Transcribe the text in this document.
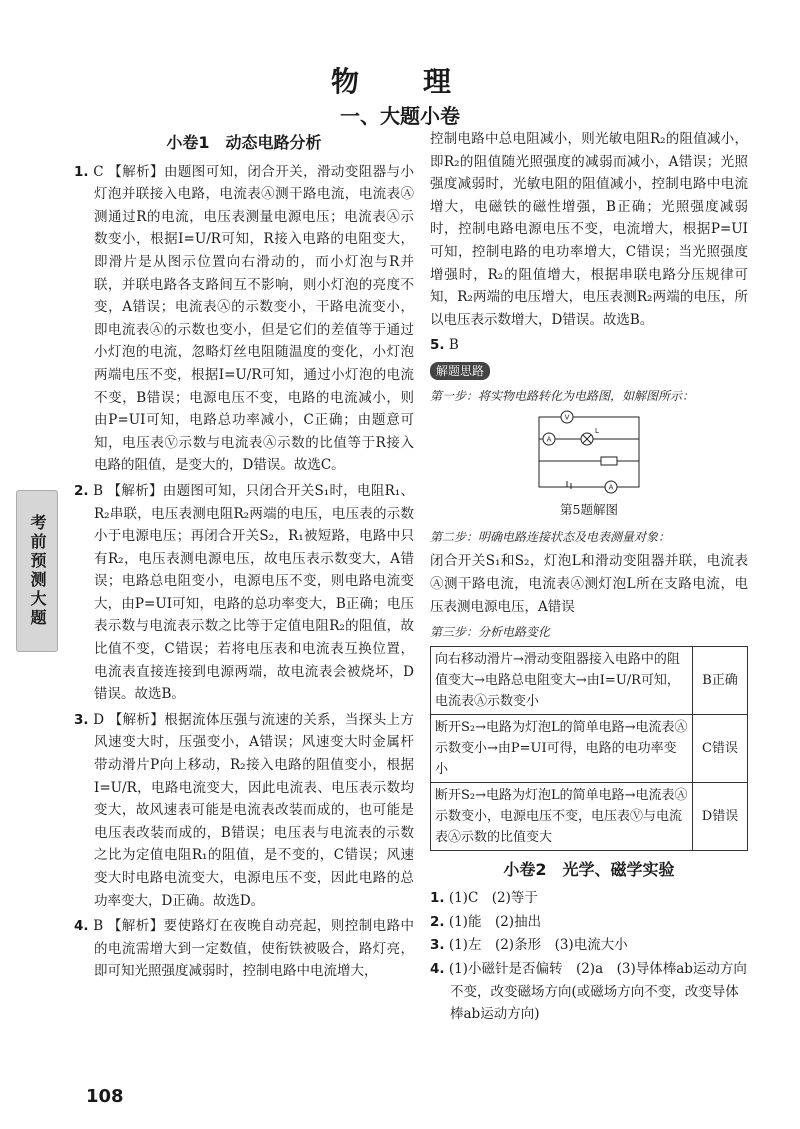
物　理
一、大题小卷
考前预测大题
小卷1　动态电路分析

1. C 【解析】由题图可知，闭合开关，滑动变阻器与小灯泡并联接入电路，电流表Ⓐ测干路电流，电流表Ⓐ测通过R的电流，电压表测量电源电压；电流表Ⓐ示数变小，根据I=U/R可知，R接入电路的电阻变大，即滑片是从图示位置向右滑动的，而小灯泡与R并联，并联电路各支路间互不影响，则小灯泡的亮度不变，A错误；电流表Ⓐ的示数变小，干路电流变小，即电流表Ⓐ的示数也变小，但是它们的差值等于通过小灯泡的电流，忽略灯丝电阻随温度的变化，小灯泡两端电压不变，根据I=U/R可知，通过小灯泡的电流不变，B错误；电源电压不变，电路的电流减小，则由P=UI可知，电路总功率减小，C正确；由题意可知，电压表Ⓥ示数与电流表Ⓐ示数的比值等于R接入电路的阻值，是变大的，D错误。故选C。

2. B 【解析】由题图可知，只闭合开关S₁时，电阻R₁、R₂串联，电压表测电阻R₂两端的电压，电压表的示数小于电源电压；再闭合开关S₂，R₁被短路，电路中只有R₂，电压表测电源电压，故电压表示数变大，A错误；电路总电阻变小，电源电压不变，则电路电流变大，由P=UI可知，电路的总功率变大，B正确；电压表示数与电流表示数之比等于定值电阻R₂的阻值，故比值不变，C错误；若将电压表和电流表互换位置，电流表直接连接到电源两端，故电流表会被烧坏，D错误。故选B。

3. D 【解析】根据流体压强与流速的关系，当探头上方风速变大时，压强变小，A错误；风速变大时金属杆带动滑片P向上移动，R₂接入电路的阻值变小，根据I=U/R，电路电流变大，因此电流表、电压表示数均变大，故风速表可能是电流表改装而成的，也可能是电压表改装而成的，B错误；电压表与电流表的示数之比为定值电阻R₁的阻值，是不变的，C错误；风速变大时电路电流变大，电源电压不变，因此电路的总功率变大，D正确。故选D。

4. B 【解析】要使路灯在夜晚自动亮起，则控制电路中的电流需增大到一定数值，使衔铁被吸合，路灯亮，即可知光照强度减弱时，控制电路中电流增大，

控制电路中总电阻减小，则光敏电阻R₂的阻值减小，即R₂的阻值随光照强度的减弱而减小，A错误；光照强度减弱时，光敏电阻的阻值减小，控制电路中电流增大，电磁铁的磁性增强，B正确；光照强度减弱时，控制电路电源电压不变，电流增大，根据P=UI可知，控制电路的电功率增大，C错误；当光照强度增强时，R₂的阻值增大，根据串联电路分压规律可知，R₂两端的电压增大，电压表测R₂两端的电压，所以电压表示数增大，D错误。故选B。

5. B

解题思路
第一步：将实物电路转化为电路图，如解图所示：
V
A
A
L
第5题解图
第二步：明确电路连接状态及电表测量对象：

闭合开关S₁和S₂，灯泡L和滑动变阻器并联，电流表Ⓐ测干路电流，电流表Ⓐ测灯泡L所在支路电流，电压表测电源电压，A错误

第三步：分析电路变化
向右移动滑片→滑动变阻器接入电路中的阻值变大→电路总电阻变大→由I=U/R可知，电流表Ⓐ示数变小	B正确
断开S₂→电路为灯泡L的简单电路→电流表Ⓐ示数变小→由P=UI可得，电路的电功率变小	C错误
断开S₂→电路为灯泡L的简单电路→电流表Ⓐ示数变小，电源电压不变，电压表Ⓥ与电流表Ⓐ示数的比值变大	D错误
小卷2　光学、磁学实验

1. (1)C　(2)等于

2. (1)能　(2)抽出

3. (1)左　(2)条形　(3)电流大小

4. (1)小磁针是否偏转　(2)a　(3)导体棒ab运动方向不变，改变磁场方向(或磁场方向不变，改变导体棒ab运动方向)

108
